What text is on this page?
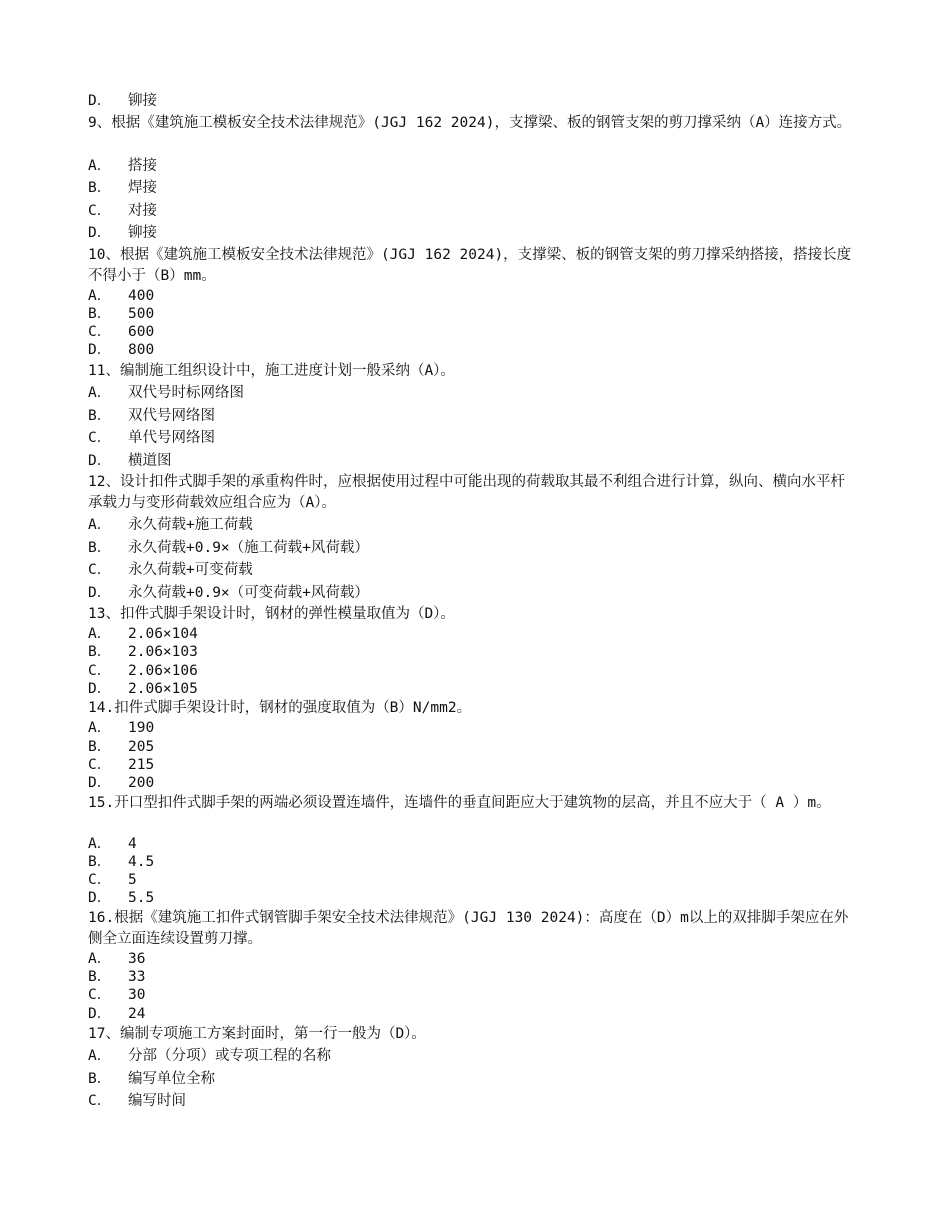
D． 铆接
9、根据《建筑施工模板安全技术法律规范》(JGJ 162 2024)，支撑梁、板的钢管支架的剪刀撑采纳（A）连接方式。
A． 搭接
B． 焊接
C． 对接
D． 铆接
10、根据《建筑施工模板安全技术法律规范》(JGJ 162 2024)，支撑梁、板的钢管支架的剪刀撑采纳搭接，搭接长度不得小于（B）mm。
A． 400
B． 500
C． 600
D． 800
11、编制施工组织设计中，施工进度计划一般采纳（A）。
A． 双代号时标网络图
B． 双代号网络图
C． 单代号网络图
D． 横道图
12、设计扣件式脚手架的承重构件时，应根据使用过程中可能出现的荷载取其最不利组合进行计算，纵向、横向水平杆承载力与变形荷载效应组合应为（A）。
A． 永久荷载+施工荷载
B． 永久荷载+0.9×（施工荷载+风荷载）
C． 永久荷载+可变荷载
D． 永久荷载+0.9×（可变荷载+风荷载）
13、扣件式脚手架设计时，钢材的弹性模量取值为（D）。
A． 2.06×104
B． 2.06×103
C． 2.06×106
D． 2.06×105
14.扣件式脚手架设计时，钢材的强度取值为（B）N/mm2。
A． 190
B． 205
C． 215
D． 200
15.开口型扣件式脚手架的两端必须设置连墙件，连墙件的垂直间距应大于建筑物的层高，并且不应大于（ A ）m。
A． 4
B． 4.5
C． 5
D． 5.5
16.根据《建筑施工扣件式钢管脚手架安全技术法律规范》(JGJ 130 2024)：高度在（D）m以上的双排脚手架应在外侧全立面连续设置剪刀撑。
A． 36
B． 33
C． 30
D． 24
17、编制专项施工方案封面时，第一行一般为（D）。
A． 分部（分项）或专项工程的名称
B． 编写单位全称
C． 编写时间
